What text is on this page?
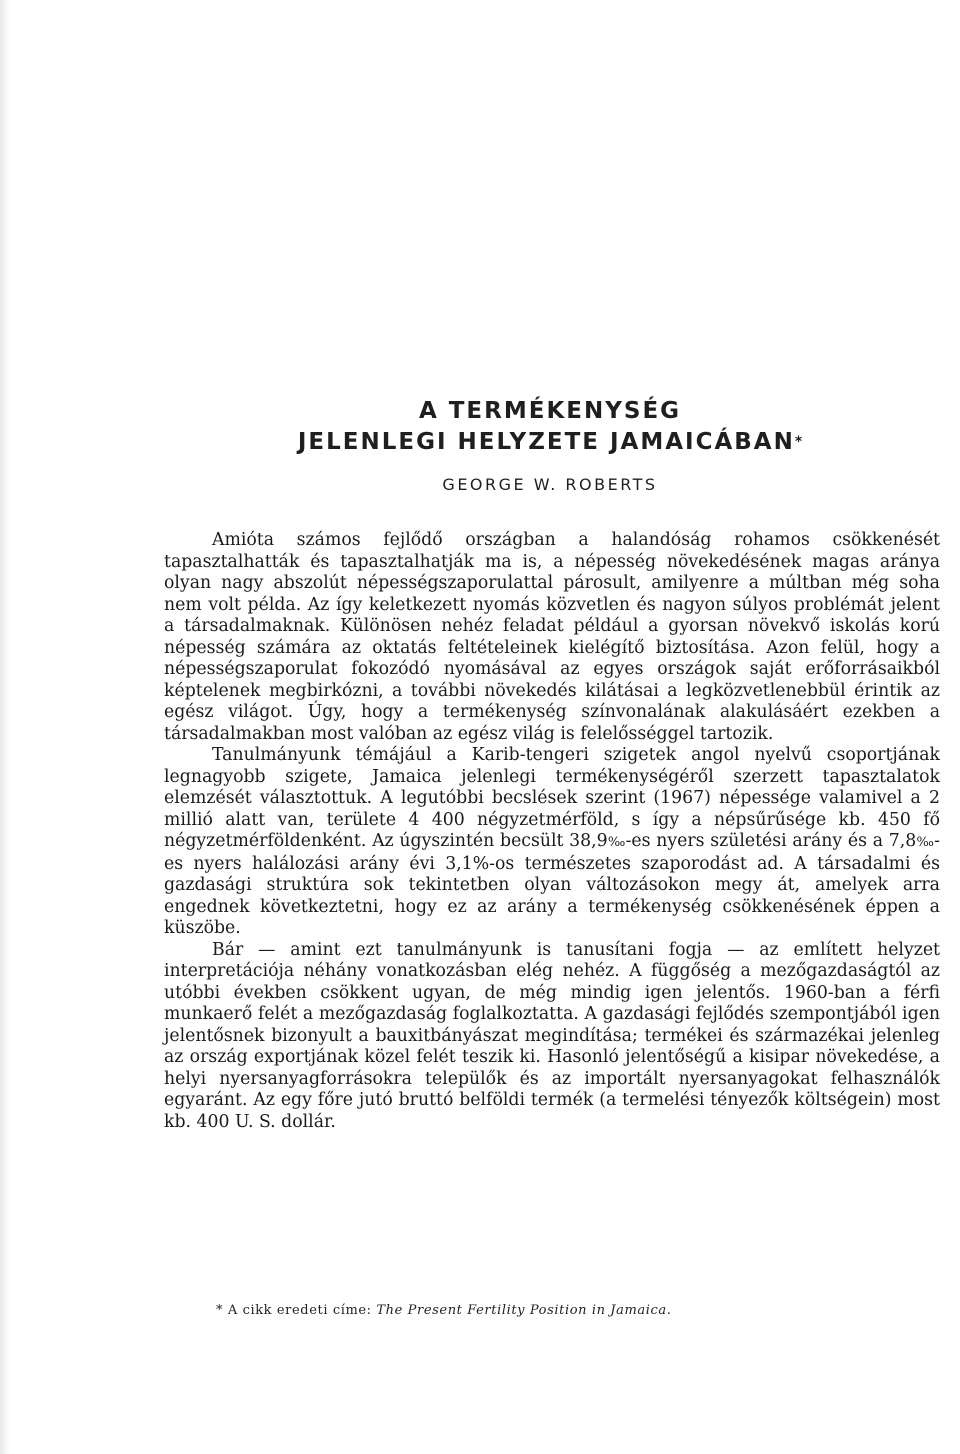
A TERMÉKENYSÉG
JELENLEGI HELYZETE JAMAICÁBAN*
GEORGE W. ROBERTS

Amióta számos fejlődő országban a halandóság rohamos csökkenését tapasztalhatták és tapasztalhatják ma is, a népesség növekedésének magas aránya olyan nagy abszolút népességszaporulattal párosult, amilyenre a múltban még soha nem volt példa. Az így keletkezett nyomás közvetlen és nagyon súlyos problémát jelent a társadalmaknak. Különösen nehéz feladat például a gyorsan növekvő iskolás korú népesség számára az oktatás feltételeinek kielégítő biztosítása. Azon felül, hogy a népességszaporulat fokozódó nyomásával az egyes országok saját erőforrásaikból képtelenek megbirkózni, a további növekedés kilátásai a legközvetlenebbül érintik az egész világot. Úgy, hogy a termékenység színvonalának alakulásáért ezekben a társadalmakban most valóban az egész világ is felelősséggel tartozik.

Tanulmányunk témájául a Karib-tengeri szigetek angol nyelvű csoportjának legnagyobb szigete, Jamaica jelenlegi termékenységéről szerzett tapasztalatok elemzését választottuk. A legutóbbi becslések szerint (1967) népessége valamivel a 2 millió alatt van, területe 4 400 négyzetmérföld, s így a népsűrűsége kb. 450 fő négyzetmérföldenként. Az úgyszintén becsült 38,9‰-es nyers születési arány és a 7,8‰-es nyers halálozási arány évi 3,1%-os természetes szaporodást ad. A társadalmi és gazdasági struktúra sok tekintetben olyan változásokon megy át, amelyek arra engednek következtetni, hogy ez az arány a termékenység csökkenésének éppen a küszöbe.

Bár — amint ezt tanulmányunk is tanusítani fogja — az említett helyzet interpretációja néhány vonatkozásban elég nehéz. A függőség a mezőgazdaságtól az utóbbi években csökkent ugyan, de még mindig igen jelentős. 1960-ban a férfi munkaerő felét a mezőgazdaság foglalkoztatta. A gazdasági fejlődés szempontjából igen jelentősnek bizonyult a bauxitbányászat megindítása; termékei és származékai jelenleg az ország exportjának közel felét teszik ki. Hasonló jelentőségű a kisipar növekedése, a helyi nyersanyagforrásokra települők és az importált nyersanyagokat felhasználók egyaránt. Az egy főre jutó bruttó belföldi termék (a termelési tényezők költségein) most kb. 400 U. S. dollár.

* A cikk eredeti címe: The Present Fertility Position in Jamaica.
